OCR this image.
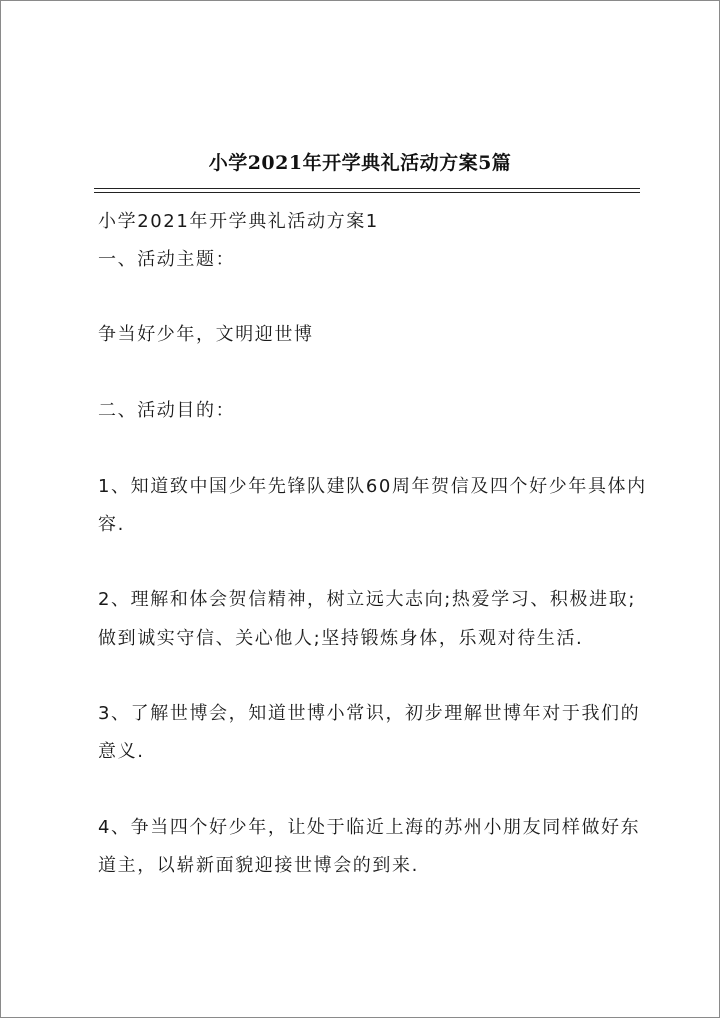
小学2021年开学典礼活动方案5篇
小学2021年开学典礼活动方案1
一、活动主题：
争当好少年，文明迎世博
二、活动目的：
1、知道致中国少年先锋队建队60周年贺信及四个好少年具体内
容.
2、理解和体会贺信精神，树立远大志向;热爱学习、积极进取;
做到诚实守信、关心他人;坚持锻炼身体，乐观对待生活.
3、了解世博会，知道世博小常识，初步理解世博年对于我们的
意义.
4、争当四个好少年，让处于临近上海的苏州小朋友同样做好东
道主，以崭新面貌迎接世博会的到来.
